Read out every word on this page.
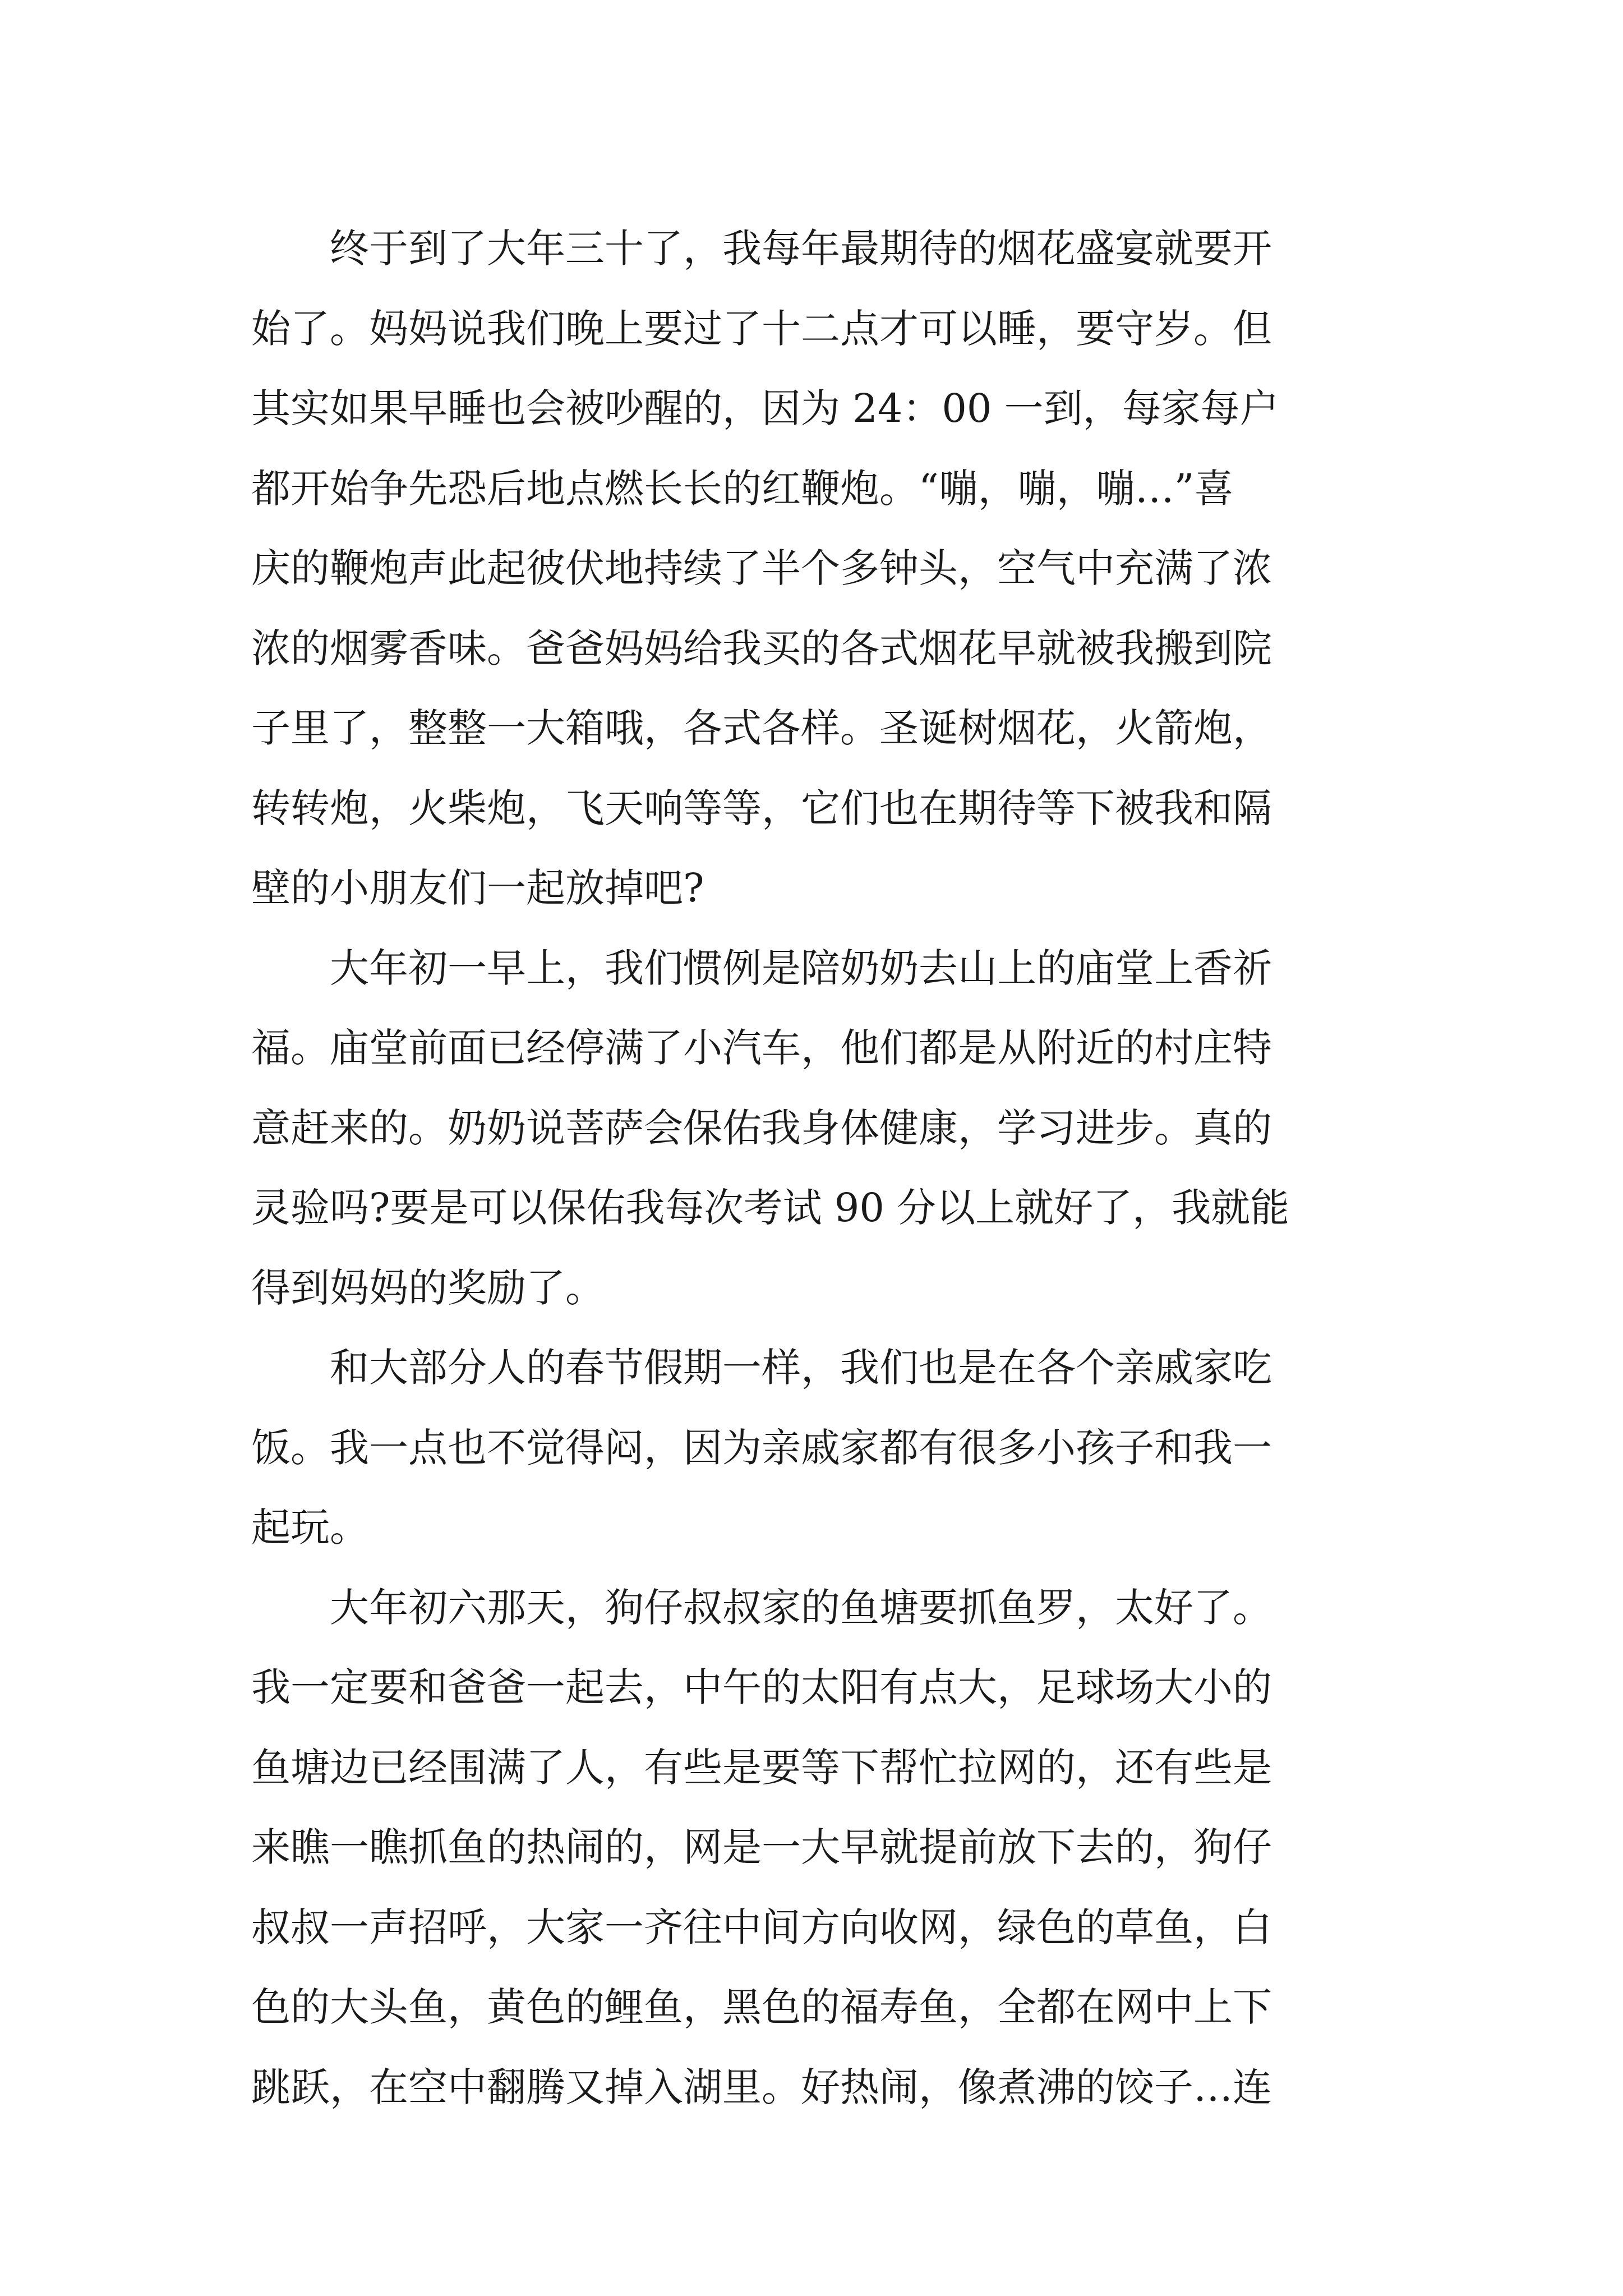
　　终于到了大年三十了，我每年最期待的烟花盛宴就要开
始了。妈妈说我们晚上要过了十二点才可以睡，要守岁。但
其实如果早睡也会被吵醒的，因为 24：00 一到，每家每户
都开始争先恐后地点燃长长的红鞭炮。“嘣，嘣，嘣…”喜
庆的鞭炮声此起彼伏地持续了半个多钟头，空气中充满了浓
浓的烟雾香味。爸爸妈妈给我买的各式烟花早就被我搬到院
子里了，整整一大箱哦，各式各样。圣诞树烟花，火箭炮，
转转炮，火柴炮，飞天响等等，它们也在期待等下被我和隔
壁的小朋友们一起放掉吧?
　　大年初一早上，我们惯例是陪奶奶去山上的庙堂上香祈
福。庙堂前面已经停满了小汽车，他们都是从附近的村庄特
意赶来的。奶奶说菩萨会保佑我身体健康，学习进步。真的
灵验吗?要是可以保佑我每次考试 90 分以上就好了，我就能
得到妈妈的奖励了。
　　和大部分人的春节假期一样，我们也是在各个亲戚家吃
饭。我一点也不觉得闷，因为亲戚家都有很多小孩子和我一
起玩。
　　大年初六那天，狗仔叔叔家的鱼塘要抓鱼罗，太好了。
我一定要和爸爸一起去，中午的太阳有点大，足球场大小的
鱼塘边已经围满了人，有些是要等下帮忙拉网的，还有些是
来瞧一瞧抓鱼的热闹的，网是一大早就提前放下去的，狗仔
叔叔一声招呼，大家一齐往中间方向收网，绿色的草鱼，白
色的大头鱼，黄色的鲤鱼，黑色的福寿鱼，全都在网中上下
跳跃，在空中翻腾又掉入湖里。好热闹，像煮沸的饺子…连
